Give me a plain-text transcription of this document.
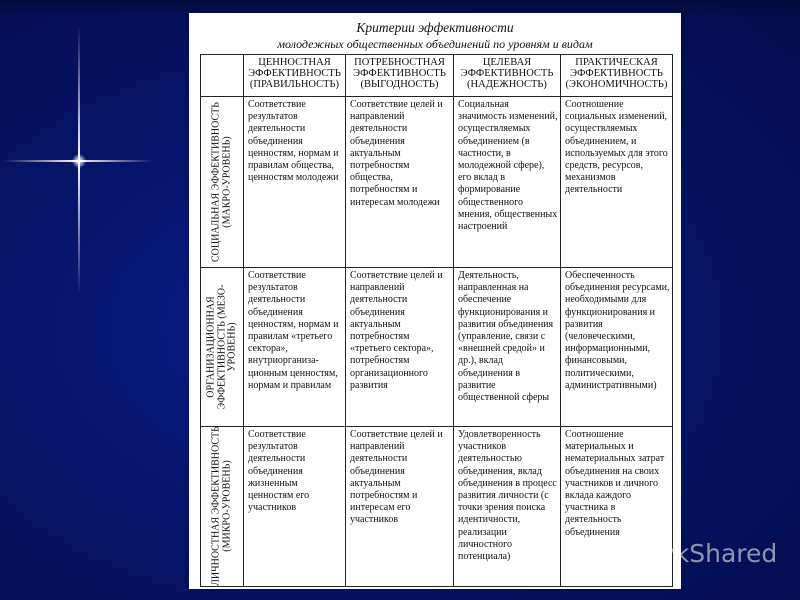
Критерии эффективности
молодежных общественных объединений по уровням и видам
ЦЕННОСТНАЯ ЭФФЕКТИВНОСТЬ (ПРАВИЛЬНОСТЬ)
ПОТРЕБНОСТНАЯ ЭФФЕКТИВНОСТЬ (ВЫГОДНОСТЬ)
ЦЕЛЕВАЯ ЭФФЕКТИВНОСТЬ (НАДЕЖНОСТЬ)
ПРАКТИЧЕСКАЯ ЭФФЕКТИВНОСТЬ (ЭКОНОМИЧНОСТЬ)
СОЦИАЛЬНАЯ ЭФФЕКТИВНОСТЬ (МАКРО-УРОВЕНЬ)
Соответствие результатов деятельности объединения ценностям, нормам и правилам общества, ценностям молодежи
Соответствие целей и направлений деятельности объединения актуальным потребностям общества, потребностям и интересам молодежи
Социальная значимость изменений, осуществляемых объединением (в частности, в молодежной сфере), его вклад в формирование общественного мнения, общественных настроений
Соотношение социальных изменений, осуществляемых объединением, и используемых для этого средств, ресурсов, механизмов деятельности
ОРГАНИЗАЦИОННАЯ ЭФФЕКТИВНОСТЬ (МЕЗО-УРОВЕНЬ)
Соответствие результатов деятельности объединения ценностям, нормам и правилам «третьего сектора», внутриорганиза-ционным ценностям, нормам и правилам
Соответствие целей и направлений деятельности объединения актуальным потребностям «третьего сектора», потребностям организационного развития
Деятельность, направленная на обеспечение функционирования и развития объединения (управление, связи с «внешней средой» и др.), вклад объединения в развитие общественной сферы
Обеспеченность объединения ресурсами, необходимыми для функционирования и развития (человеческими, информационными, финансовыми, политическими, административными)
ЛИЧНОСТНАЯ ЭФФЕКТИВНОСТЬ (МИКРО-УРОВЕНЬ)
Соответствие результатов деятельности объединения жизненным ценностям его участников
Соответствие целей и направлений деятельности объединения актуальным потребностям и интересам его участников
Удовлетворенность участников деятельностью объединения, вклад объединения в процесс развития личности (с точки зрения поиска идентичности, реализации личностного потенциала)
Соотношение материальных и нематериальных затрат объединения на своих участников и личного вклада каждого участника в деятельность объединения
ykShared
